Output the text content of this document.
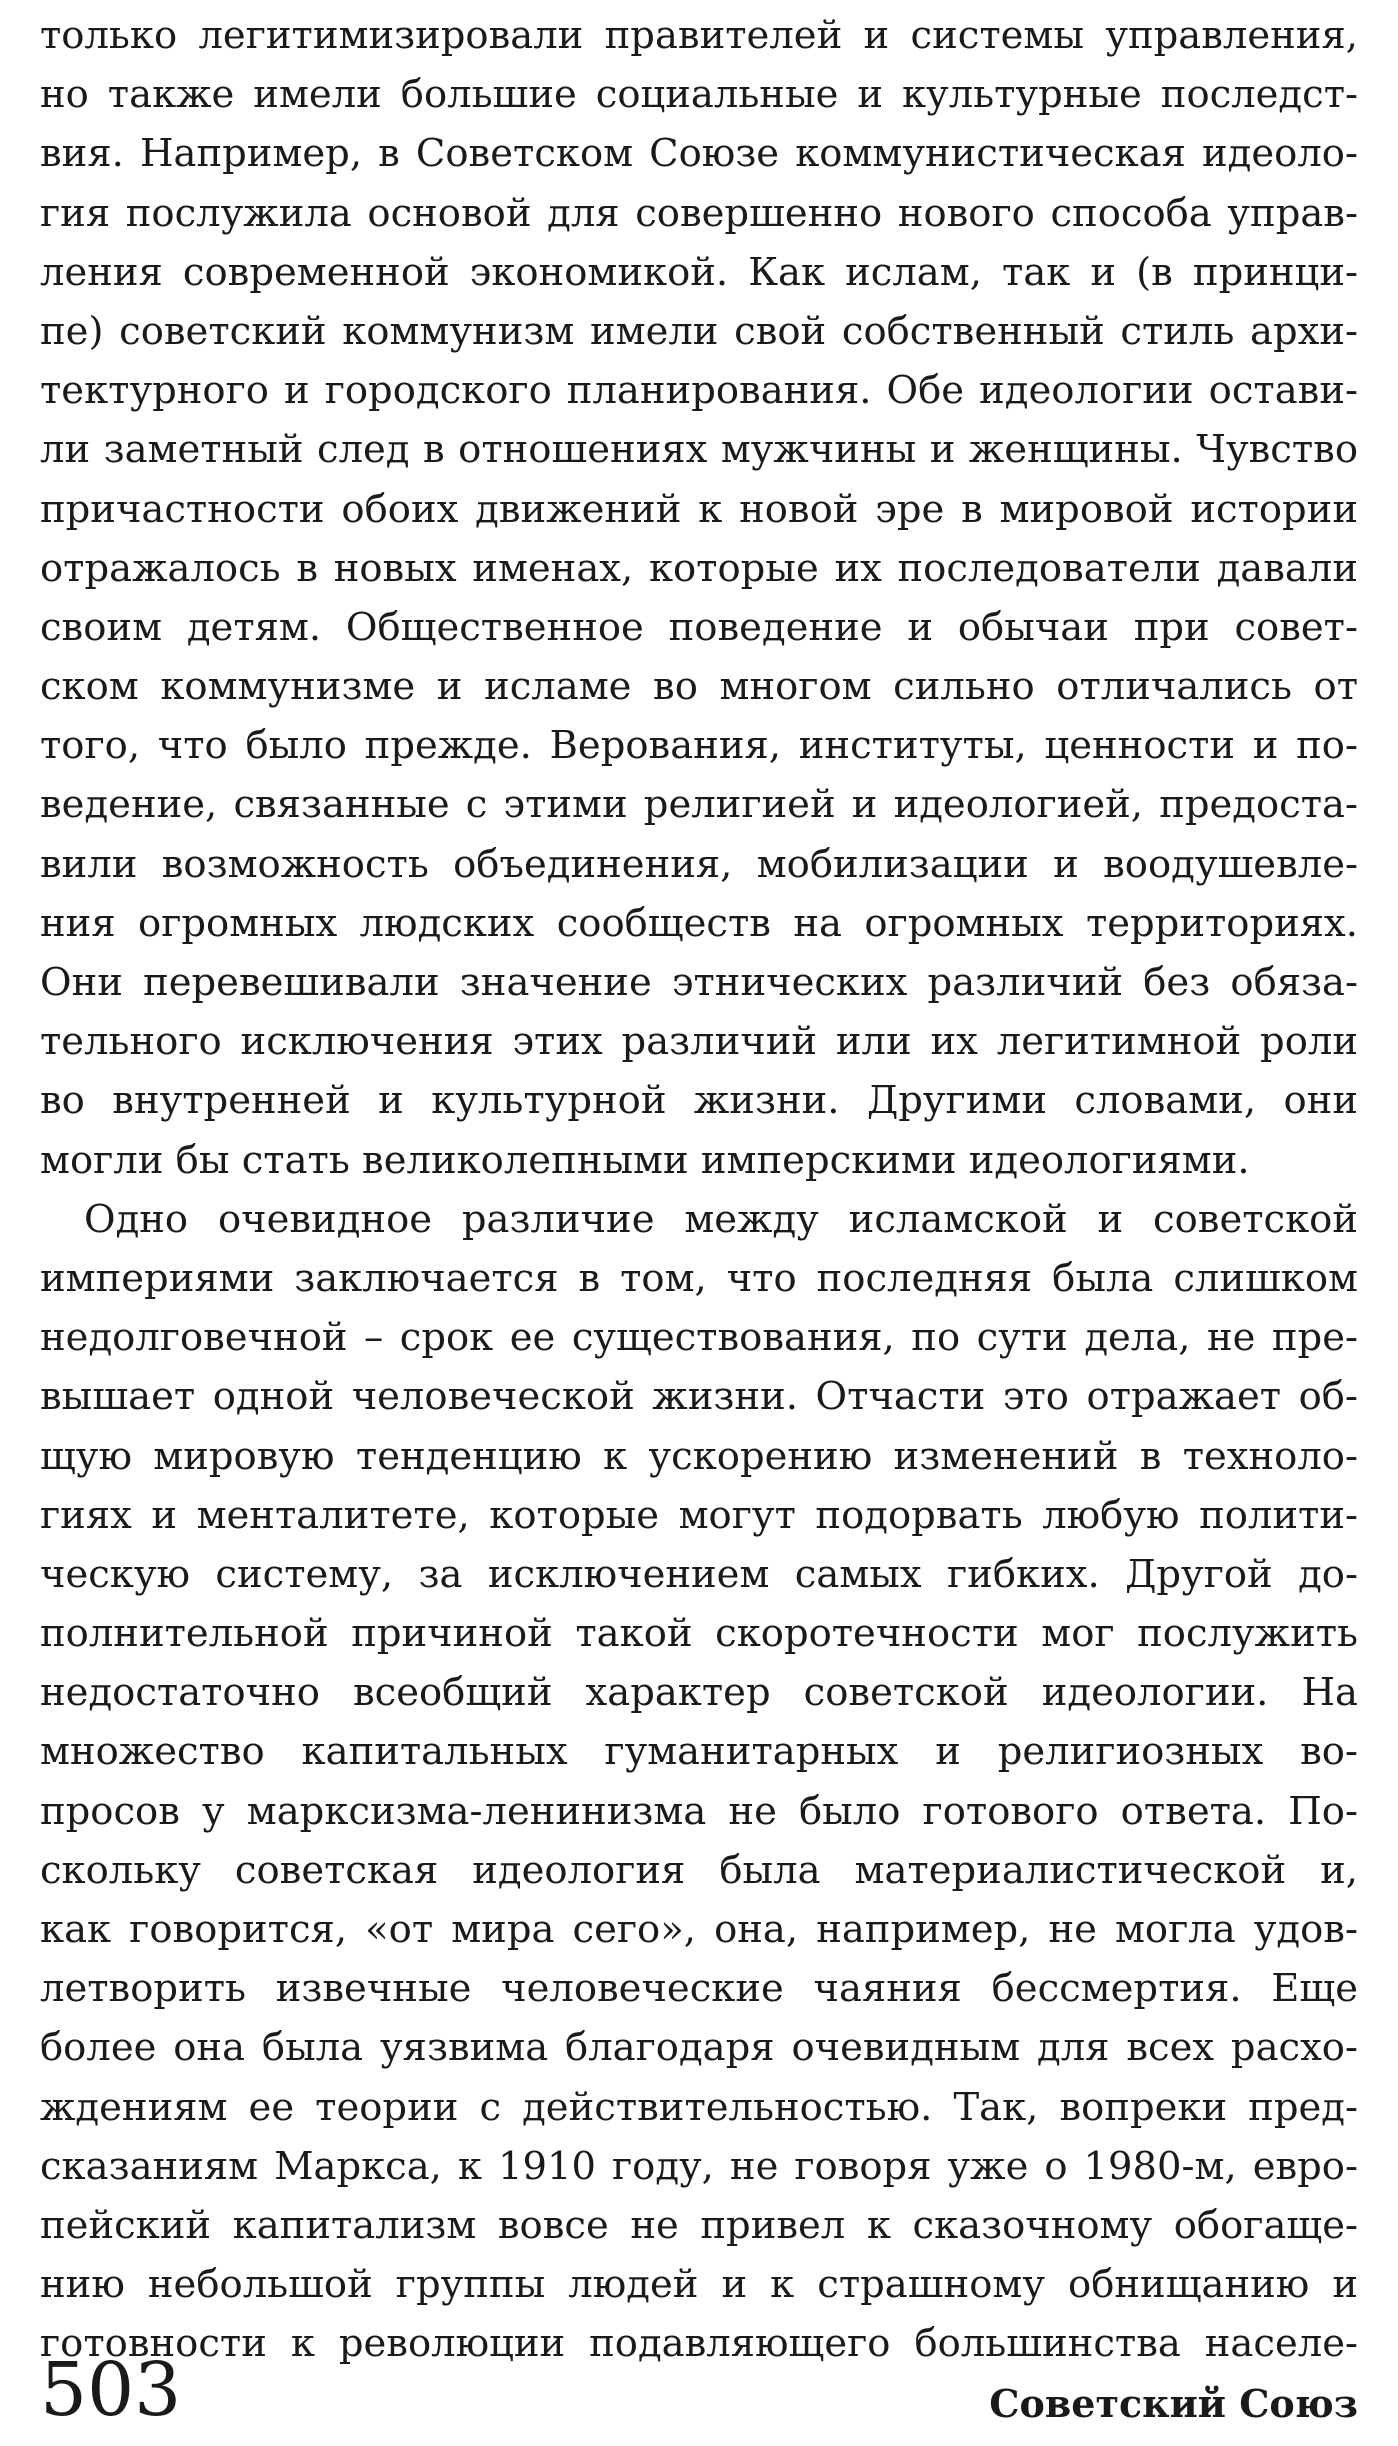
только легитимизировали правителей и системы управления,
но также имели большие социальные и культурные последст-
вия. Например, в Советском Союзе коммунистическая идеоло-
гия послужила основой для совершенно нового способа управ-
ления современной экономикой. Как ислам, так и (в принци-
пе) советский коммунизм имели свой собственный стиль архи-
тектурного и городского планирования. Обе идеологии остави-
ли заметный след в отношениях мужчины и женщины. Чувство
причастности обоих движений к новой эре в мировой истории
отражалось в новых именах, которые их последователи давали
своим детям. Общественное поведение и обычаи при совет-
ском коммунизме и исламе во многом сильно отличались от
того, что было прежде. Верования, институты, ценности и по-
ведение, связанные с этими религией и идеологией, предоста-
вили возможность объединения, мобилизации и воодушевле-
ния огромных людских сообществ на огромных территориях.
Они перевешивали значение этнических различий без обяза-
тельного исключения этих различий или их легитимной роли
во внутренней и культурной жизни. Другими словами, они
могли бы стать великолепными имперскими идеологиями.
Одно очевидное различие между исламской и советской
империями заключается в том, что последняя была слишком
недолговечной – срок ее существования, по сути дела, не пре-
вышает одной человеческой жизни. Отчасти это отражает об-
щую мировую тенденцию к ускорению изменений в техноло-
гиях и менталитете, которые могут подорвать любую полити-
ческую систему, за исключением самых гибких. Другой до-
полнительной причиной такой скоротечности мог послужить
недостаточно всеобщий характер советской идеологии. На
множество капитальных гуманитарных и религиозных во-
просов у марксизма-ленинизма не было готового ответа. По-
скольку советская идеология была материалистической и,
как говорится, «от мира сего», она, например, не могла удов-
летворить извечные человеческие чаяния бессмертия. Еще
более она была уязвима благодаря очевидным для всех расхо-
ждениям ее теории с действительностью. Так, вопреки пред-
сказаниям Маркса, к 1910 году, не говоря уже о 1980-м, евро-
пейский капитализм вовсе не привел к сказочному обогаще-
нию небольшой группы людей и к страшному обнищанию и
готовности к революции подавляющего большинства населе-
503	Советский Союз
